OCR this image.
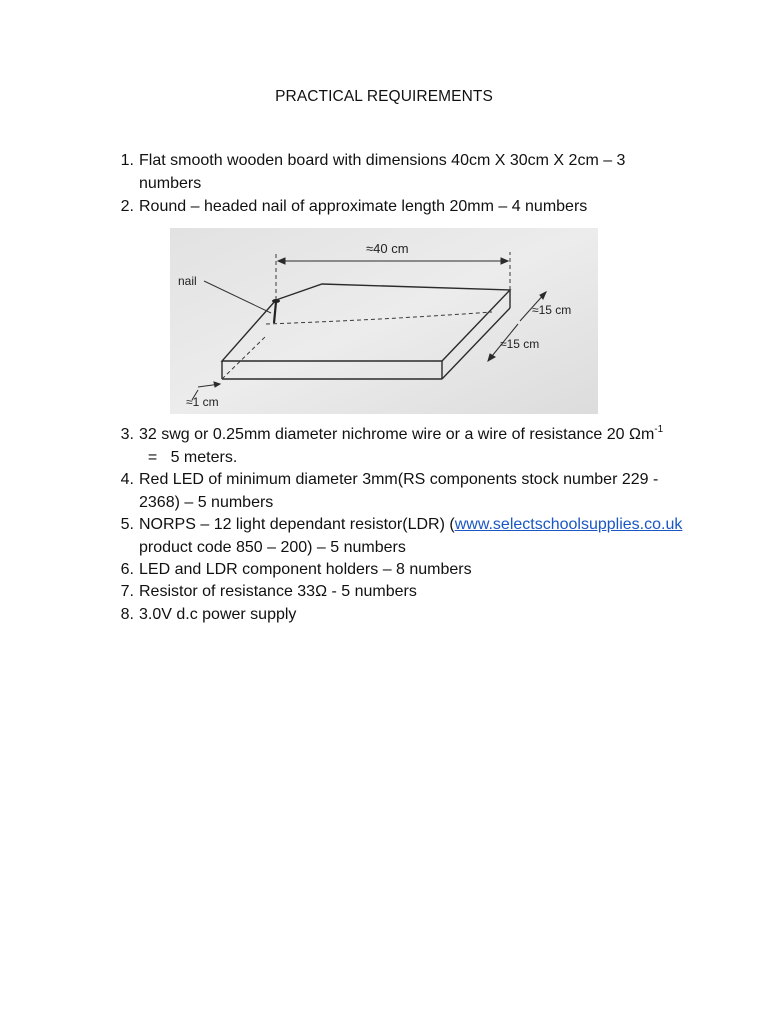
PRACTICAL REQUIREMENTS
1. Flat smooth wooden board with dimensions 40cm X 30cm X 2cm – 3 numbers
2. Round – headed nail of approximate length 20mm – 4 numbers
≈40 cm
nail
≈15 cm
≈15 cm
≈1 cm
3. 32 swg or 0.25mm diameter nichrome wire or a wire of resistance 20 $\Omega m^{-1} = 5$ meters.
4. Red LED of minimum diameter 3mm(RS components stock number 229 - 2368) – 5 numbers
5. NORPS – 12 light dependant resistor(LDR) (www.selectschoolsupplies.co.uk product code 850 – 200) – 5 numbers
6. LED and LDR component holders – 8 numbers
7. Resistor of resistance 33Ω - 5 numbers
8. 3.0V d.c power supply
